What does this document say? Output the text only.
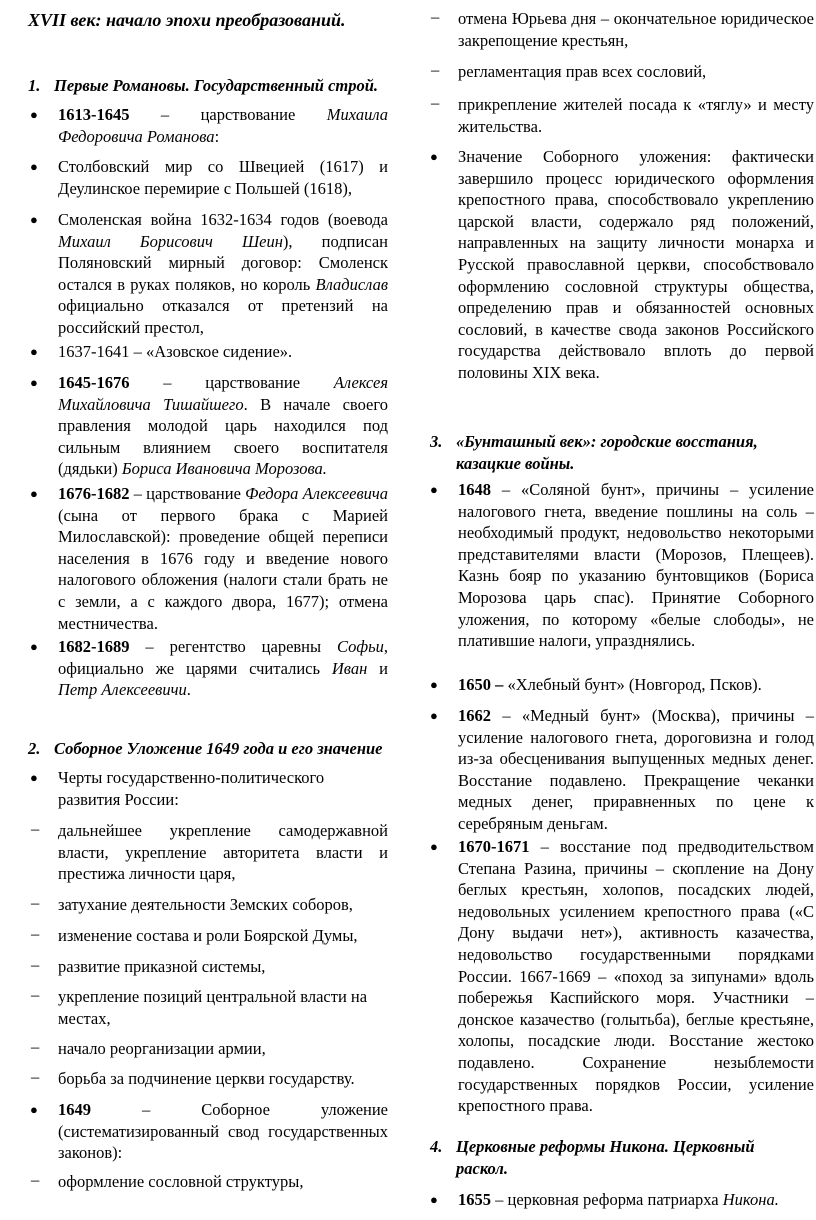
XVII век: начало эпохи преобразований.
1. Первые Романовы. Государственный строй.
● 1613-1645 – царствование Михаила Федоровича Романова:
● Столбовский мир со Швецией (1617) и Деулинское перемирие с Польшей (1618),
● Смоленская война 1632-1634 годов (воевода Михаил Борисович Шеин), подписан Поляновский мирный договор: Смоленск остался в руках поляков, но король Владислав официально отказался от претензий на российский престол,
● 1637-1641 – «Азовское сидение».
● 1645-1676 – царствование Алексея Михайловича Тишайшего. В начале своего правления молодой царь находился под сильным влиянием своего воспитателя (дядьки) Бориса Ивановича Морозова.
● 1676-1682 – царствование Федора Алексеевича (сына от первого брака с Марией Милославской): проведение общей переписи населения в 1676 году и введение нового налогового обложения (налоги стали брать не с земли, а с каждого двора, 1677); отмена местничества.
● 1682-1689 – регентство царевны Софьи, официально же царями считались Иван и Петр Алексеевичи.
2. Соборное Уложение 1649 года и его значение
● Черты государственно-политического развития России:
– дальнейшее укрепление самодержавной власти, укрепление авторитета власти и престижа личности царя,
– затухание деятельности Земских соборов,
– изменение состава и роли Боярской Думы,
– развитие приказной системы,
– укрепление позиций центральной власти на местах,
– начало реорганизации армии,
– борьба за подчинение церкви государству.
● 1649 – Соборное уложение (систематизированный свод государственных законов):
– оформление сословной структуры,
– отмена Юрьева дня – окончательное юридическое закрепощение крестьян,
– регламентация прав всех сословий,
– прикрепление жителей посада к «тяглу» и месту жительства.
● Значение Соборного уложения: фактически завершило процесс юридического оформления крепостного права, способствовало укреплению царской власти, содержало ряд положений, направленных на защиту личности монарха и Русской православной церкви, способствовало оформлению сословной структуры общества, определению прав и обязанностей основных сословий, в качестве свода законов Российского государства действовало вплоть до первой половины XIX века.
3. «Бунташный век»: городские восстания,
казацкие войны.
● 1648 – «Соляной бунт», причины – усиление налогового гнета, введение пошлины на соль – необходимый продукт, недовольство некоторыми представителями власти (Морозов, Плещеев). Казнь бояр по указанию бунтовщиков (Бориса Морозова царь спас). Принятие Соборного уложения, по которому «белые слободы», не платившие налоги, упразднялись.
● 1650 – «Хлебный бунт» (Новгород, Псков).
● 1662 – «Медный бунт» (Москва), причины – усиление налогового гнета, дороговизна и голод из-за обесценивания выпущенных медных денег. Восстание подавлено. Прекращение чеканки медных денег, приравненных по цене к серебряным деньгам.
● 1670-1671 – восстание под предводительством Степана Разина, причины – скопление на Дону беглых крестьян, холопов, посадских людей, недовольных усилением крепостного права («С Дону выдачи нет»), активность казачества, недовольство государственными порядками России. 1667-1669 – «поход за зипунами» вдоль побережья Каспийского моря. Участники – донское казачество (голытьба), беглые крестьяне, холопы, посадские люди. Восстание жестоко подавлено. Сохранение незыблемости государственных порядков России, усиление крепостного права.
4. Церковные реформы Никона. Церковный
раскол.
● 1655 – церковная реформа патриарха Никона.
